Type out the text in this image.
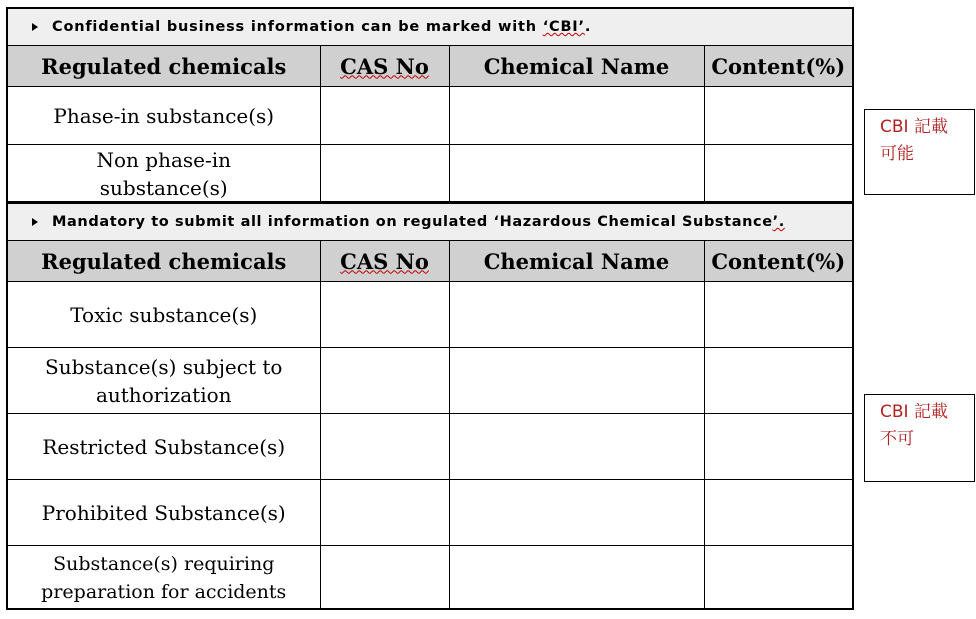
Confidential business information can be marked with ‘CBI’.
Regulated chemicals	CAS No	Chemical Name	Content(%)
Phase-in substance(s)			
Non phase-in substance(s)			
Mandatory to submit all information on regulated ‘Hazardous Chemical Substance’.
Regulated chemicals	CAS No	Chemical Name	Content(%)
Toxic substance(s)			
Substance(s) subject to authorization			
Restricted Substance(s)			
Prohibited Substance(s)			
Substance(s) requiring preparation for accidents			
CBI 記載
可能
CBI 記載
不可
